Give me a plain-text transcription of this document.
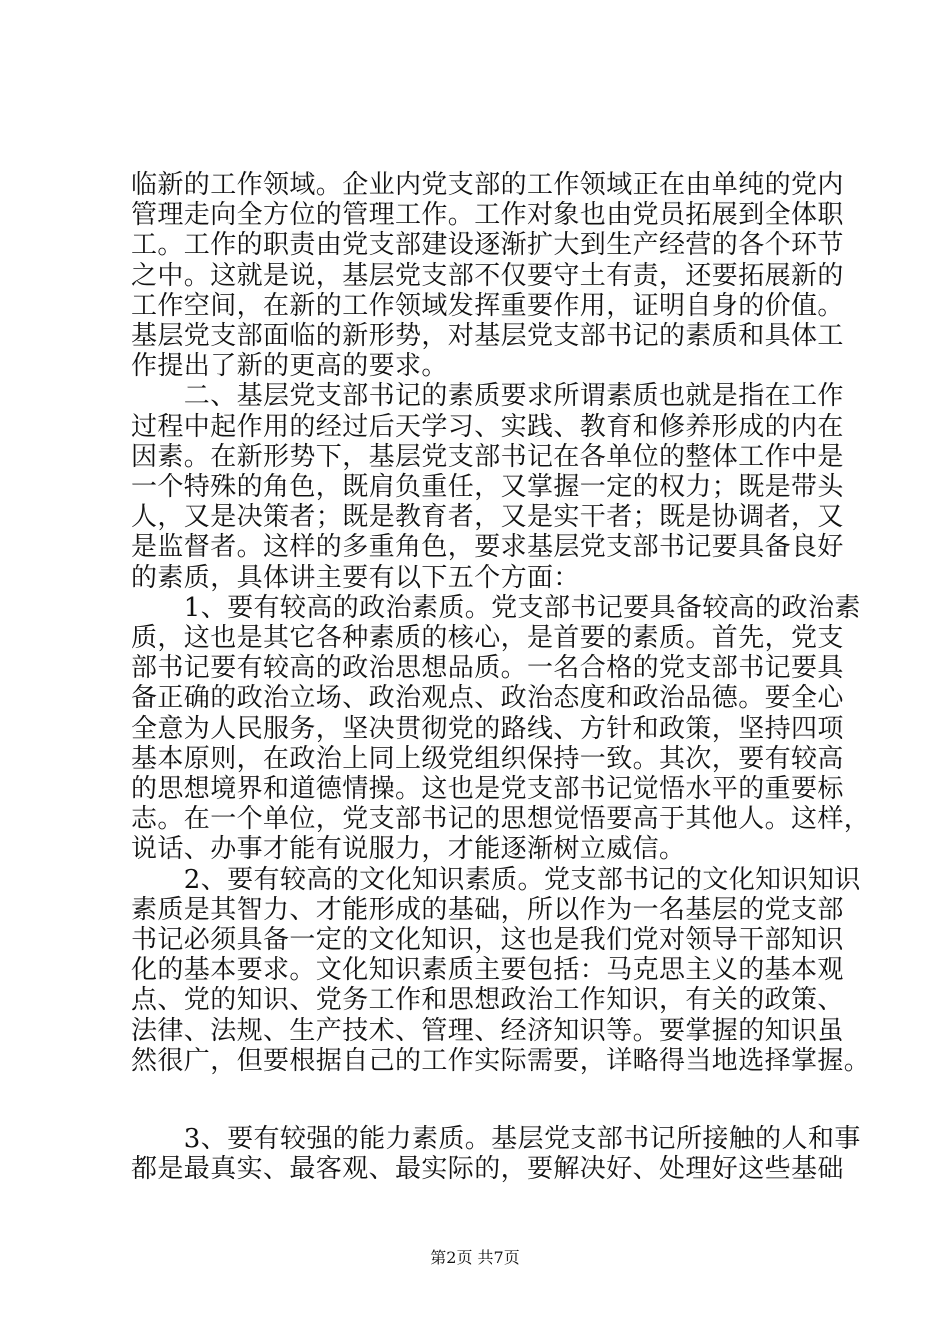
临新的工作领域。企业内党支部的工作领域正在由单纯的党内
管理走向全方位的管理工作。工作对象也由党员拓展到全体职
工。工作的职责由党支部建设逐渐扩大到生产经营的各个环节
之中。这就是说，基层党支部不仅要守土有责，还要拓展新的
工作空间，在新的工作领域发挥重要作用，证明自身的价值。
基层党支部面临的新形势，对基层党支部书记的素质和具体工
作提出了新的更高的要求。
　　二、基层党支部书记的素质要求所谓素质也就是指在工作
过程中起作用的经过后天学习、实践、教育和修养形成的内在
因素。在新形势下，基层党支部书记在各单位的整体工作中是
一个特殊的角色，既肩负重任，又掌握一定的权力；既是带头
人，又是决策者；既是教育者，又是实干者；既是协调者，又
是监督者。这样的多重角色，要求基层党支部书记要具备良好
的素质，具体讲主要有以下五个方面：
　　1、要有较高的政治素质。党支部书记要具备较高的政治素
质，这也是其它各种素质的核心，是首要的素质。首先，党支
部书记要有较高的政治思想品质。一名合格的党支部书记要具
备正确的政治立场、政治观点、政治态度和政治品德。要全心
全意为人民服务，坚决贯彻党的路线、方针和政策，坚持四项
基本原则，在政治上同上级党组织保持一致。其次，要有较高
的思想境界和道德情操。这也是党支部书记觉悟水平的重要标
志。在一个单位，党支部书记的思想觉悟要高于其他人。这样，
说话、办事才能有说服力，才能逐渐树立威信。
　　2、要有较高的文化知识素质。党支部书记的文化知识知识
素质是其智力、才能形成的基础，所以作为一名基层的党支部
书记必须具备一定的文化知识，这也是我们党对领导干部知识
化的基本要求。文化知识素质主要包括：马克思主义的基本观
点、党的知识、党务工作和思想政治工作知识，有关的政策、
法律、法规、生产技术、管理、经济知识等。要掌握的知识虽
然很广，但要根据自己的工作实际需要，详略得当地选择掌握。
　　3、要有较强的能力素质。基层党支部书记所接触的人和事
都是最真实、最客观、最实际的，要解决好、处理好这些基础
第2页 共7页
